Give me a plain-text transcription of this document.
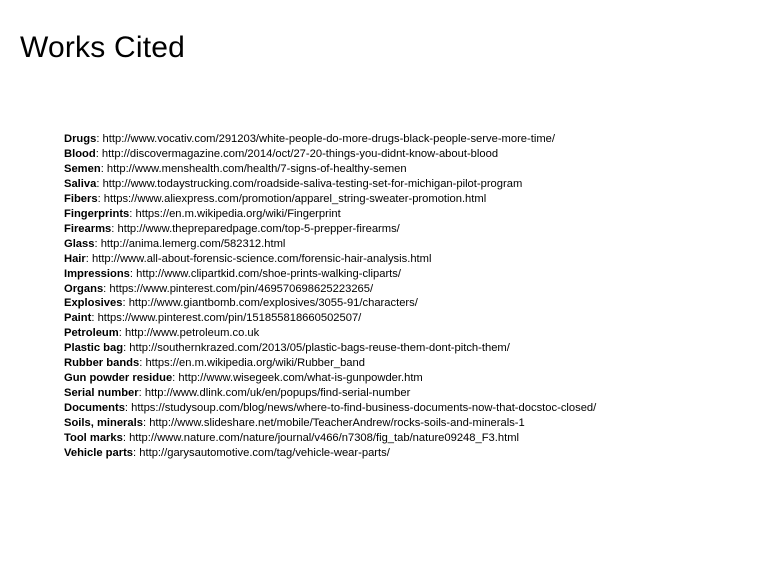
Works Cited
Drugs: http://www.vocativ.com/291203/white-people-do-more-drugs-black-people-serve-more-time/
Blood: http://discovermagazine.com/2014/oct/27-20-things-you-didnt-know-about-blood
Semen: http://www.menshealth.com/health/7-signs-of-healthy-semen
Saliva: http://www.todaystrucking.com/roadside-saliva-testing-set-for-michigan-pilot-program
Fibers: https://www.aliexpress.com/promotion/apparel_string-sweater-promotion.html
Fingerprints: https://en.m.wikipedia.org/wiki/Fingerprint
Firearms: http://www.thepreparedpage.com/top-5-prepper-firearms/
Glass: http://anima.lemerg.com/582312.html
Hair: http://www.all-about-forensic-science.com/forensic-hair-analysis.html
Impressions: http://www.clipartkid.com/shoe-prints-walking-cliparts/
Organs: https://www.pinterest.com/pin/469570698625223265/
Explosives: http://www.giantbomb.com/explosives/3055-91/characters/
Paint: https://www.pinterest.com/pin/151855818660502507/
Petroleum: http://www.petroleum.co.uk
Plastic bag: http://southernkrazed.com/2013/05/plastic-bags-reuse-them-dont-pitch-them/
Rubber bands: https://en.m.wikipedia.org/wiki/Rubber_band
Gun powder residue: http://www.wisegeek.com/what-is-gunpowder.htm
Serial number: http://www.dlink.com/uk/en/popups/find-serial-number
Documents: https://studysoup.com/blog/news/where-to-find-business-documents-now-that-docstoc-closed/
Soils, minerals: http://www.slideshare.net/mobile/TeacherAndrew/rocks-soils-and-minerals-1
Tool marks: http://www.nature.com/nature/journal/v466/n7308/fig_tab/nature09248_F3.html
Vehicle parts: http://garysautomotive.com/tag/vehicle-wear-parts/
